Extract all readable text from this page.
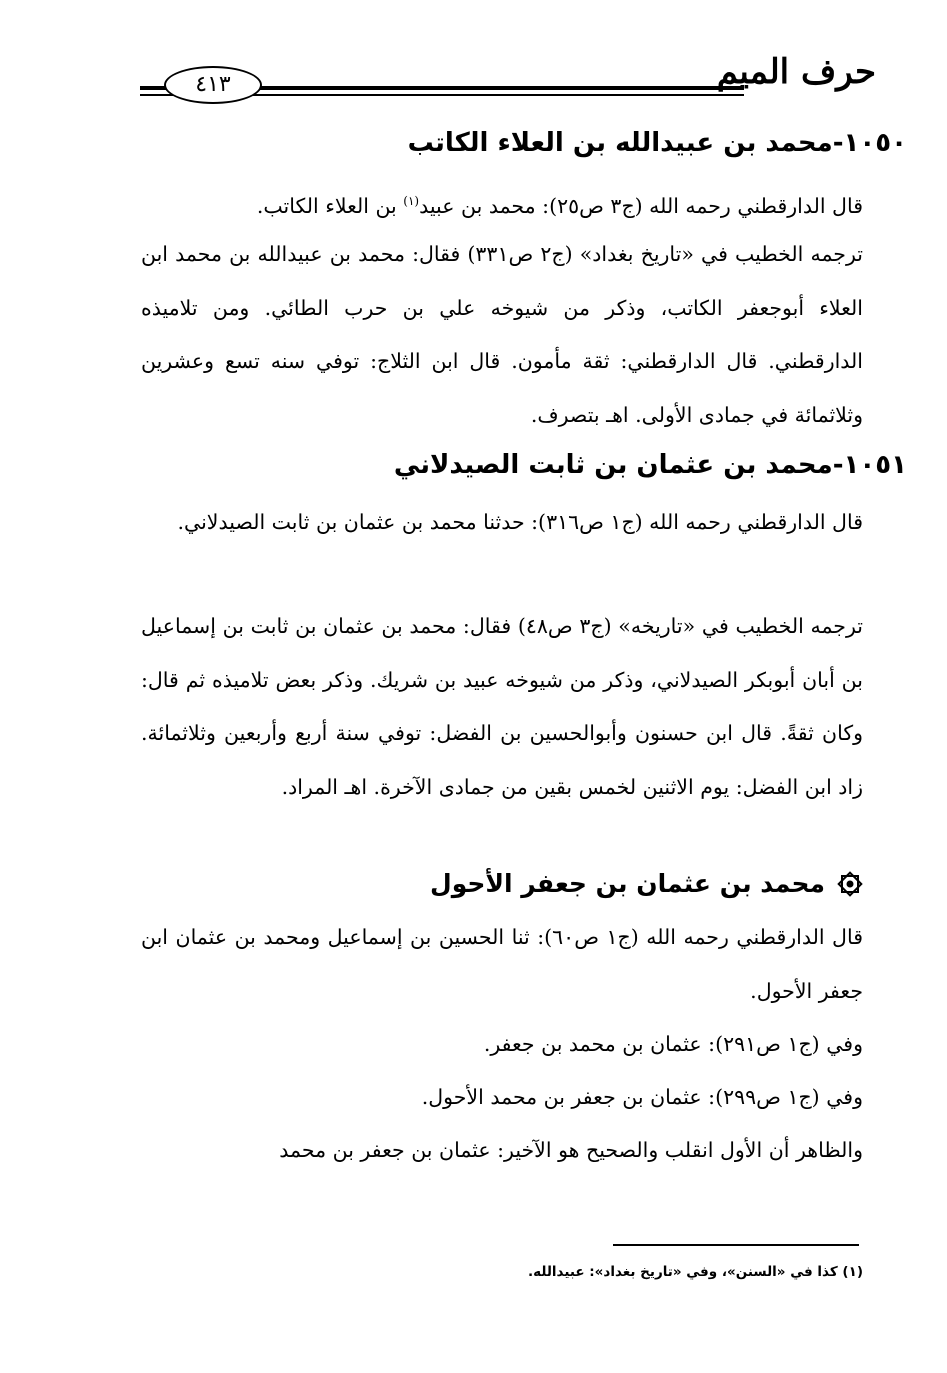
٤١٣	حرف الميم
١٠٥٠-محمد بن عبيدالله بن العلاء الكاتب
قال الدارقطني رحمه الله (ج٣ ص٢٥): محمد بن عبيد$^{(١)}$ بن العلاء الكاتب.
ترجمه الخطيب في «تاريخ بغداد» (ج٢ ص٣٣١) فقال: محمد بن عبيدالله بن محمد ابن العلاء أبوجعفر الكاتب، وذكر من شيوخه علي بن حرب الطائي. ومن تلاميذه الدارقطني. قال الدارقطني: ثقة مأمون. قال ابن الثلاج: توفي سنه تسع وعشرين وثلاثمائة في جمادى الأولى. اهـ بتصرف.
١٠٥١-محمد بن عثمان بن ثابت الصيدلاني
قال الدارقطني رحمه الله (ج١ ص٣١٦): حدثنا محمد بن عثمان بن ثابت الصيدلاني.
ترجمه الخطيب في «تاريخه» (ج٣ ص٤٨) فقال: محمد بن عثمان بن ثابت بن إسماعيل بن أبان أبوبكر الصيدلاني، وذكر من شيوخه عبيد بن شريك. وذكر بعض تلاميذه ثم قال: وكان ثقةً. قال ابن حسنون وأبوالحسين بن الفضل: توفي سنة أربع وأربعين وثلاثمائة. زاد ابن الفضل: يوم الاثنين لخمس بقين من جمادى الآخرة. اهـ المراد.
محمد بن عثمان بن جعفر الأحول
قال الدارقطني رحمه الله (ج١ ص٦٠): ثنا الحسين بن إسماعيل ومحمد بن عثمان ابن جعفر الأحول.
وفي (ج١ ص٢٩١): عثمان بن محمد بن جعفر.
وفي (ج١ ص٢٩٩): عثمان بن جعفر بن محمد الأحول.
والظاهر أن الأول انقلب والصحيح هو الآخير: عثمان بن جعفر بن محمد
(١) كذا في «السنن»، وفي «تاريخ بغداد»: عبيدالله.
